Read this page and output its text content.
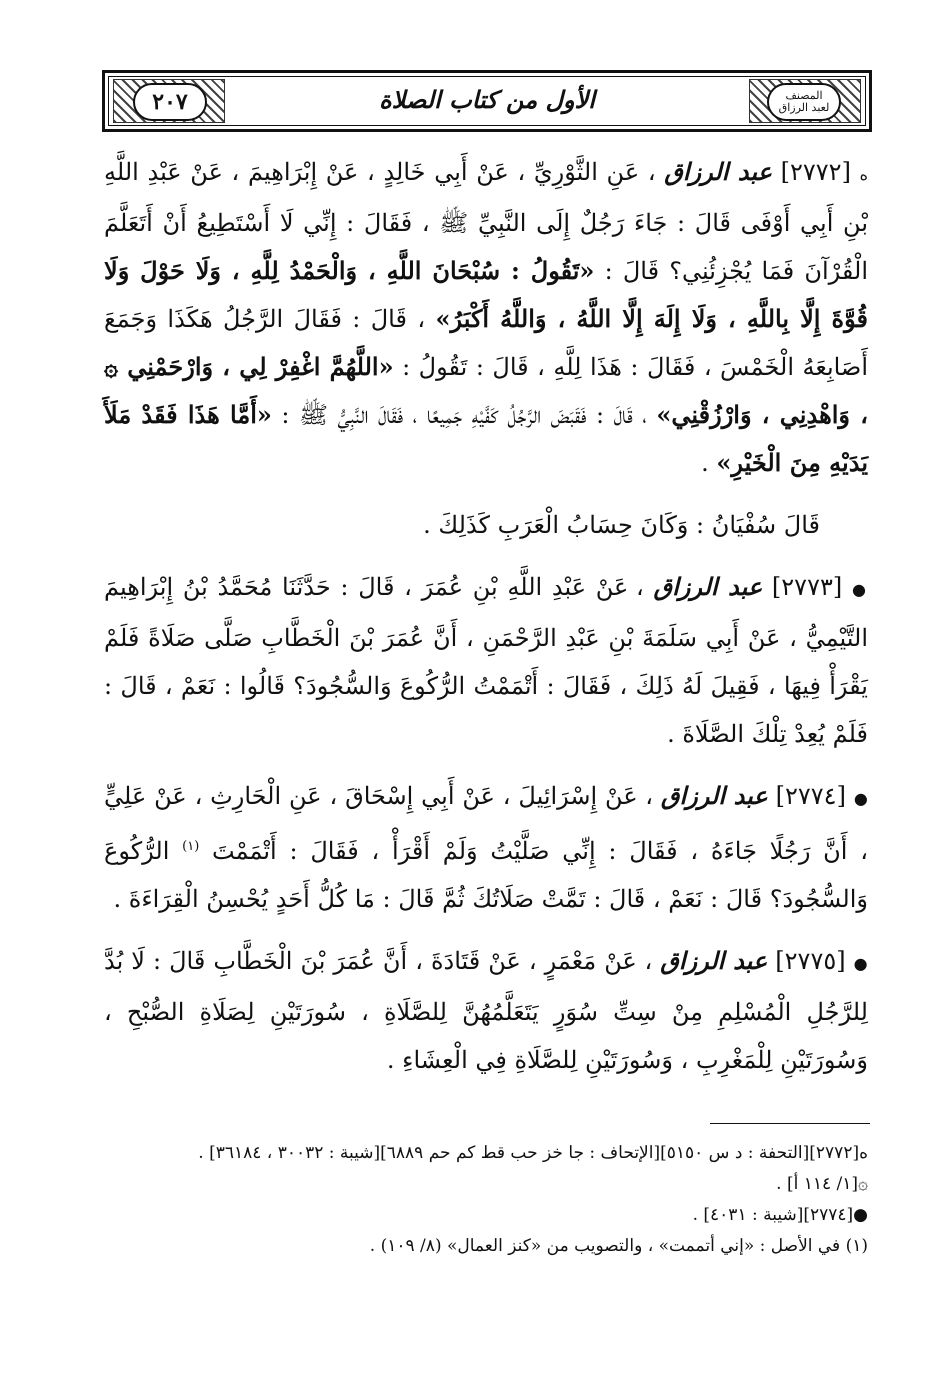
٢٠٧	الأول من كتاب الصلاة	المصنف
لعبد الرزاق

ه [٢٧٧٢] عبد الرزاق ، عَنِ الثَّوْرِيِّ ، عَنْ أَبِي خَالِدٍ ، عَنْ إِبْرَاهِيمَ ، عَنْ عَبْدِ اللَّهِ بْنِ أَبِي أَوْفَى قَالَ : جَاءَ رَجُلٌ إِلَى النَّبِيِّ ﷺ ، فَقَالَ : إِنِّي لَا أَسْتَطِيعُ أَنْ أَتَعَلَّمَ الْقُرْآنَ فَمَا يُجْزِئُنِي؟ قَالَ : «تَقُولُ : سُبْحَانَ اللَّهِ ، وَالْحَمْدُ لِلَّهِ ، وَلَا حَوْلَ وَلَا قُوَّةَ إِلَّا بِاللَّهِ ، وَلَا إِلَهَ إِلَّا اللَّهُ ، وَاللَّهُ أَكْبَرُ» ، قَالَ : فَقَالَ الرَّجُلُ هَكَذَا وَجَمَعَ أَصَابِعَهُ الْخَمْسَ ، فَقَالَ : هَذَا لِلَّهِ ، قَالَ : تَقُولُ : «اللَّهُمَّ اغْفِرْ لِي ، وَارْحَمْنِي ۞ ، وَاهْدِنِي ، وَارْزُقْنِي» ، قَالَ : فَقَبَضَ الرَّجُلُ كَفَّيْهِ جَمِيعًا ، فَقَالَ النَّبِيُّ ﷺ : «أَمَّا هَذَا فَقَدْ مَلَأَ يَدَيْهِ مِنَ الْخَيْرِ» .

قَالَ سُفْيَانُ : وَكَانَ حِسَابُ الْعَرَبِ كَذَلِكَ .

● [٢٧٧٣] عبد الرزاق ، عَنْ عَبْدِ اللَّهِ بْنِ عُمَرَ ، قَالَ : حَدَّثَنَا مُحَمَّدُ بْنُ إِبْرَاهِيمَ التَّيْمِيُّ ، عَنْ أَبِي سَلَمَةَ بْنِ عَبْدِ الرَّحْمَنِ ، أَنَّ عُمَرَ بْنَ الْخَطَّابِ صَلَّى صَلَاةً فَلَمْ يَقْرَأْ فِيهَا ، فَقِيلَ لَهُ ذَلِكَ ، فَقَالَ : أَتْمَمْتُ الرُّكُوعَ وَالسُّجُودَ؟ قَالُوا : نَعَمْ ، قَالَ : فَلَمْ يُعِدْ تِلْكَ الصَّلَاةَ .

● [٢٧٧٤] عبد الرزاق ، عَنْ إِسْرَائِيلَ ، عَنْ أَبِي إِسْحَاقَ ، عَنِ الْحَارِثِ ، عَنْ عَلِيٍّ ، أَنَّ رَجُلًا جَاءَهُ ، فَقَالَ : إِنِّي صَلَّيْتُ وَلَمْ أَقْرَأْ ، فَقَالَ : أَتْمَمْتَ $^{(١)}$ الرُّكُوعَ وَالسُّجُودَ؟ قَالَ : نَعَمْ ، قَالَ : تَمَّتْ صَلَاتُكَ ثُمَّ قَالَ : مَا كُلُّ أَحَدٍ يُحْسِنُ الْقِرَاءَةَ .

● [٢٧٧٥] عبد الرزاق ، عَنْ مَعْمَرٍ ، عَنْ قَتَادَةَ ، أَنَّ عُمَرَ بْنَ الْخَطَّابِ قَالَ : لَا بُدَّ لِلرَّجُلِ الْمُسْلِمِ مِنْ سِتِّ سُوَرٍ يَتَعَلَّمُهُنَّ لِلصَّلَاةِ ، سُورَتَيْنِ لِصَلَاةِ الصُّبْحِ ، وَسُورَتَيْنِ لِلْمَغْرِبِ ، وَسُورَتَيْنِ لِلصَّلَاةِ فِي الْعِشَاءِ .

ه[٢٧٧٢][التحفة : د س ٥١٥٠][الإتحاف : جا خز حب قط كم حم ٦٨٨٩][شيبة : ٣٠٠٣٢ ، ٣٦١٨٤] .

۞[١/ ١١٤ أ] .

●[٢٧٧٤][شيبة : ٤٠٣١] .

(١) في الأصل : «إني أتممت» ، والتصويب من «كنز العمال» (٨/ ١٠٩) .
